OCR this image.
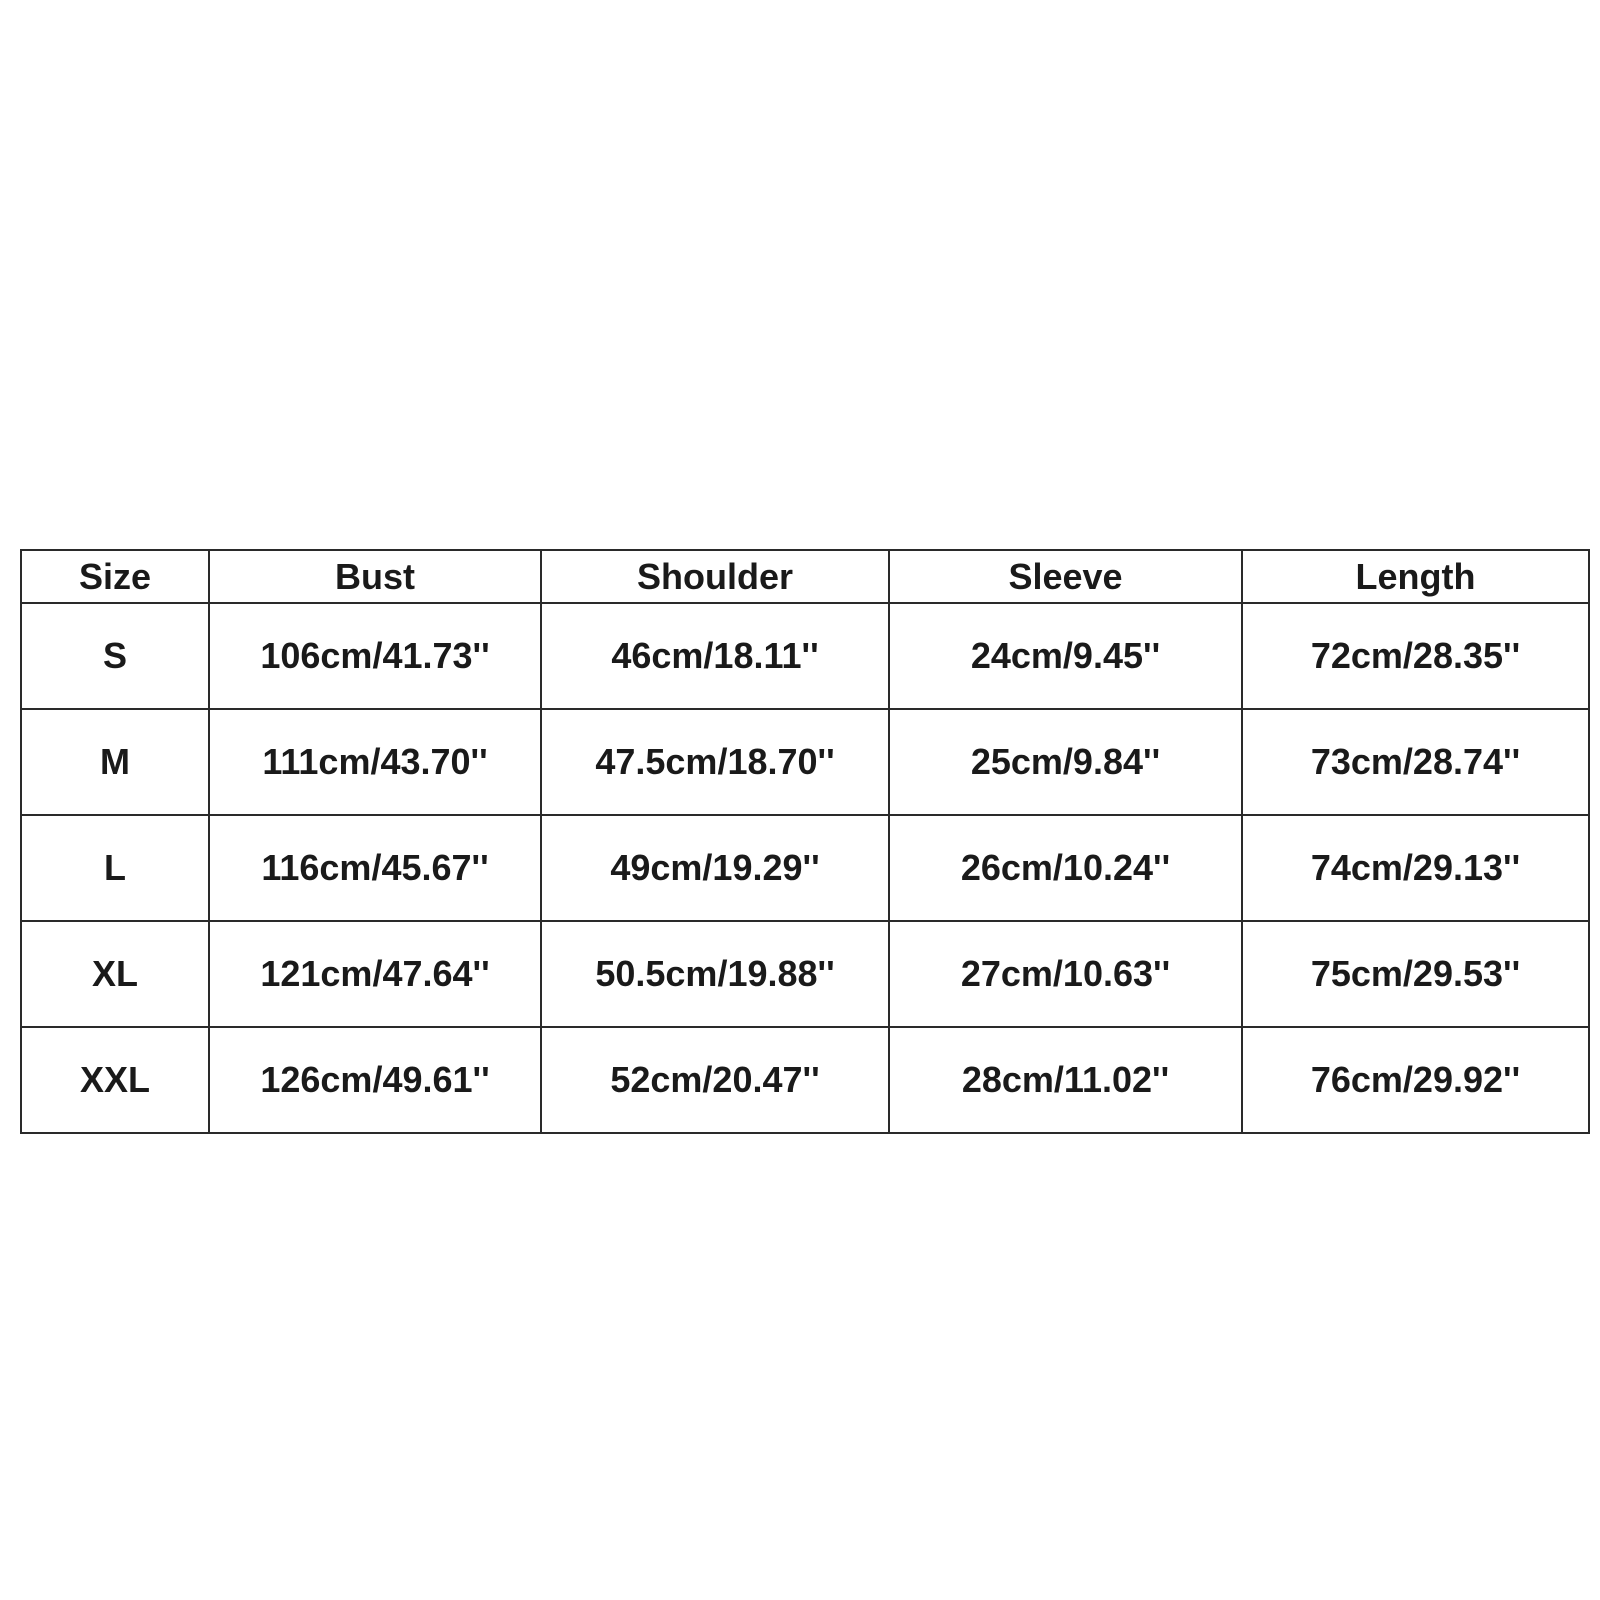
Size	Bust	Shoulder	Sleeve	Length
S	106cm/41.73''	46cm/18.11''	24cm/9.45''	72cm/28.35''
M	111cm/43.70''	47.5cm/18.70''	25cm/9.84''	73cm/28.74''
L	116cm/45.67''	49cm/19.29''	26cm/10.24''	74cm/29.13''
XL	121cm/47.64''	50.5cm/19.88''	27cm/10.63''	75cm/29.53''
XXL	126cm/49.61''	52cm/20.47''	28cm/11.02''	76cm/29.92''
